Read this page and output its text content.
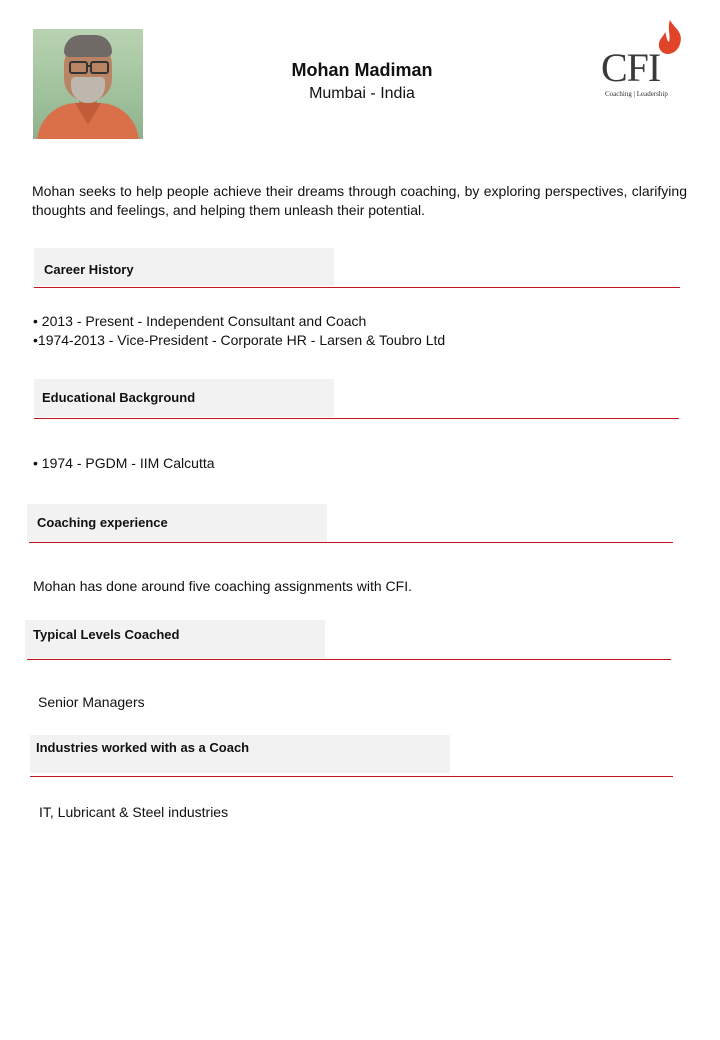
Mohan Madiman
Mumbai - India
CFI
Coaching | Leadership
Mohan seeks to help people achieve their dreams through coaching, by exploring perspectives, clarifying thoughts and feelings, and helping them unleash their potential.
Career History
• 2013 - Present - Independent Consultant and Coach
•1974-2013 - Vice-President - Corporate HR - Larsen & Toubro Ltd
Educational Background
• 1974 - PGDM - IIM Calcutta
Coaching experience
Mohan has done around five coaching assignments with CFI.
Typical Levels Coached
Senior Managers
Industries worked with as a Coach
IT, Lubricant & Steel industries
